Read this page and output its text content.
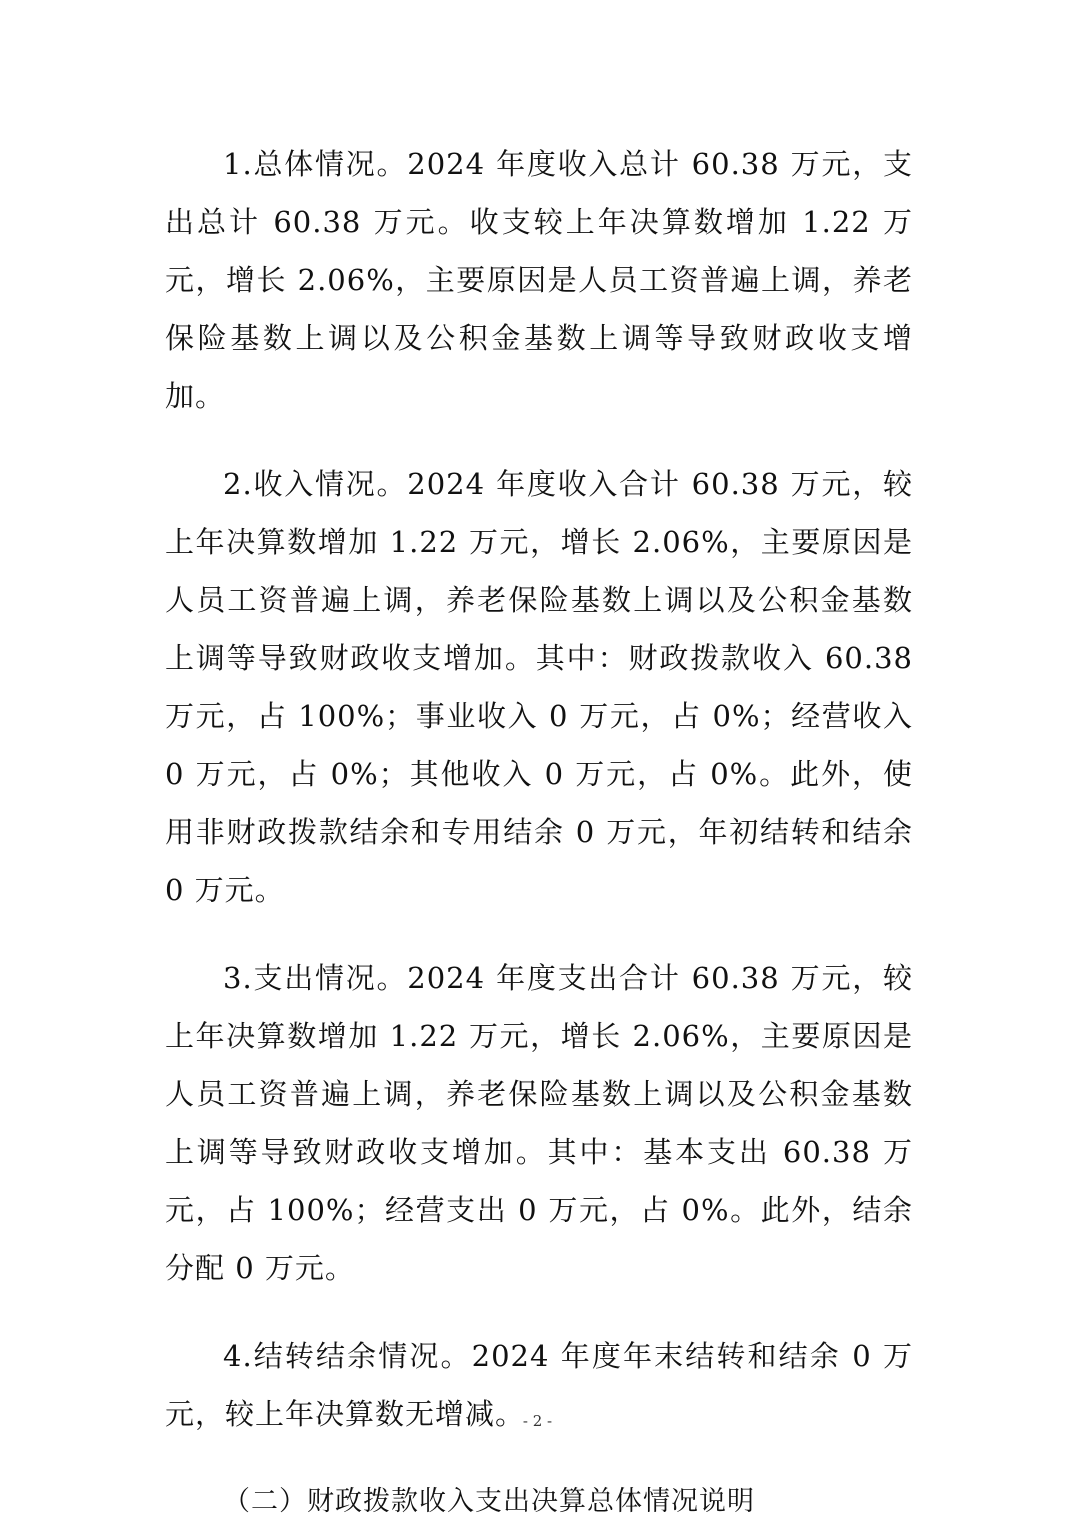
1.总体情况。2024 年度收入总计 60.38 万元，支出总计 60.38 万元。收支较上年决算数增加 1.22 万元，增长 2.06%，主要原因是人员工资普遍上调，养老保险基数上调以及公积金基数上调等导致财政收支增加。

2.收入情况。2024 年度收入合计 60.38 万元，较上年决算数增加 1.22 万元，增长 2.06%，主要原因是人员工资普遍上调，养老保险基数上调以及公积金基数上调等导致财政收支增加。其中：财政拨款收入 60.38 万元，占 100%；事业收入 0 万元，占 0%；经营收入 0 万元，占 0%；其他收入 0 万元，占 0%。此外，使用非财政拨款结余和专用结余 0 万元，年初结转和结余 0 万元。

3.支出情况。2024 年度支出合计 60.38 万元，较上年决算数增加 1.22 万元，增长 2.06%，主要原因是人员工资普遍上调，养老保险基数上调以及公积金基数上调等导致财政收支增加。其中：基本支出 60.38 万元，占 100%；经营支出 0 万元，占 0%。此外，结余分配 0 万元。

4.结转结余情况。2024 年度年末结转和结余 0 万元，较上年决算数无增减。

（二）财政拨款收入支出决算总体情况说明
- 2 -
